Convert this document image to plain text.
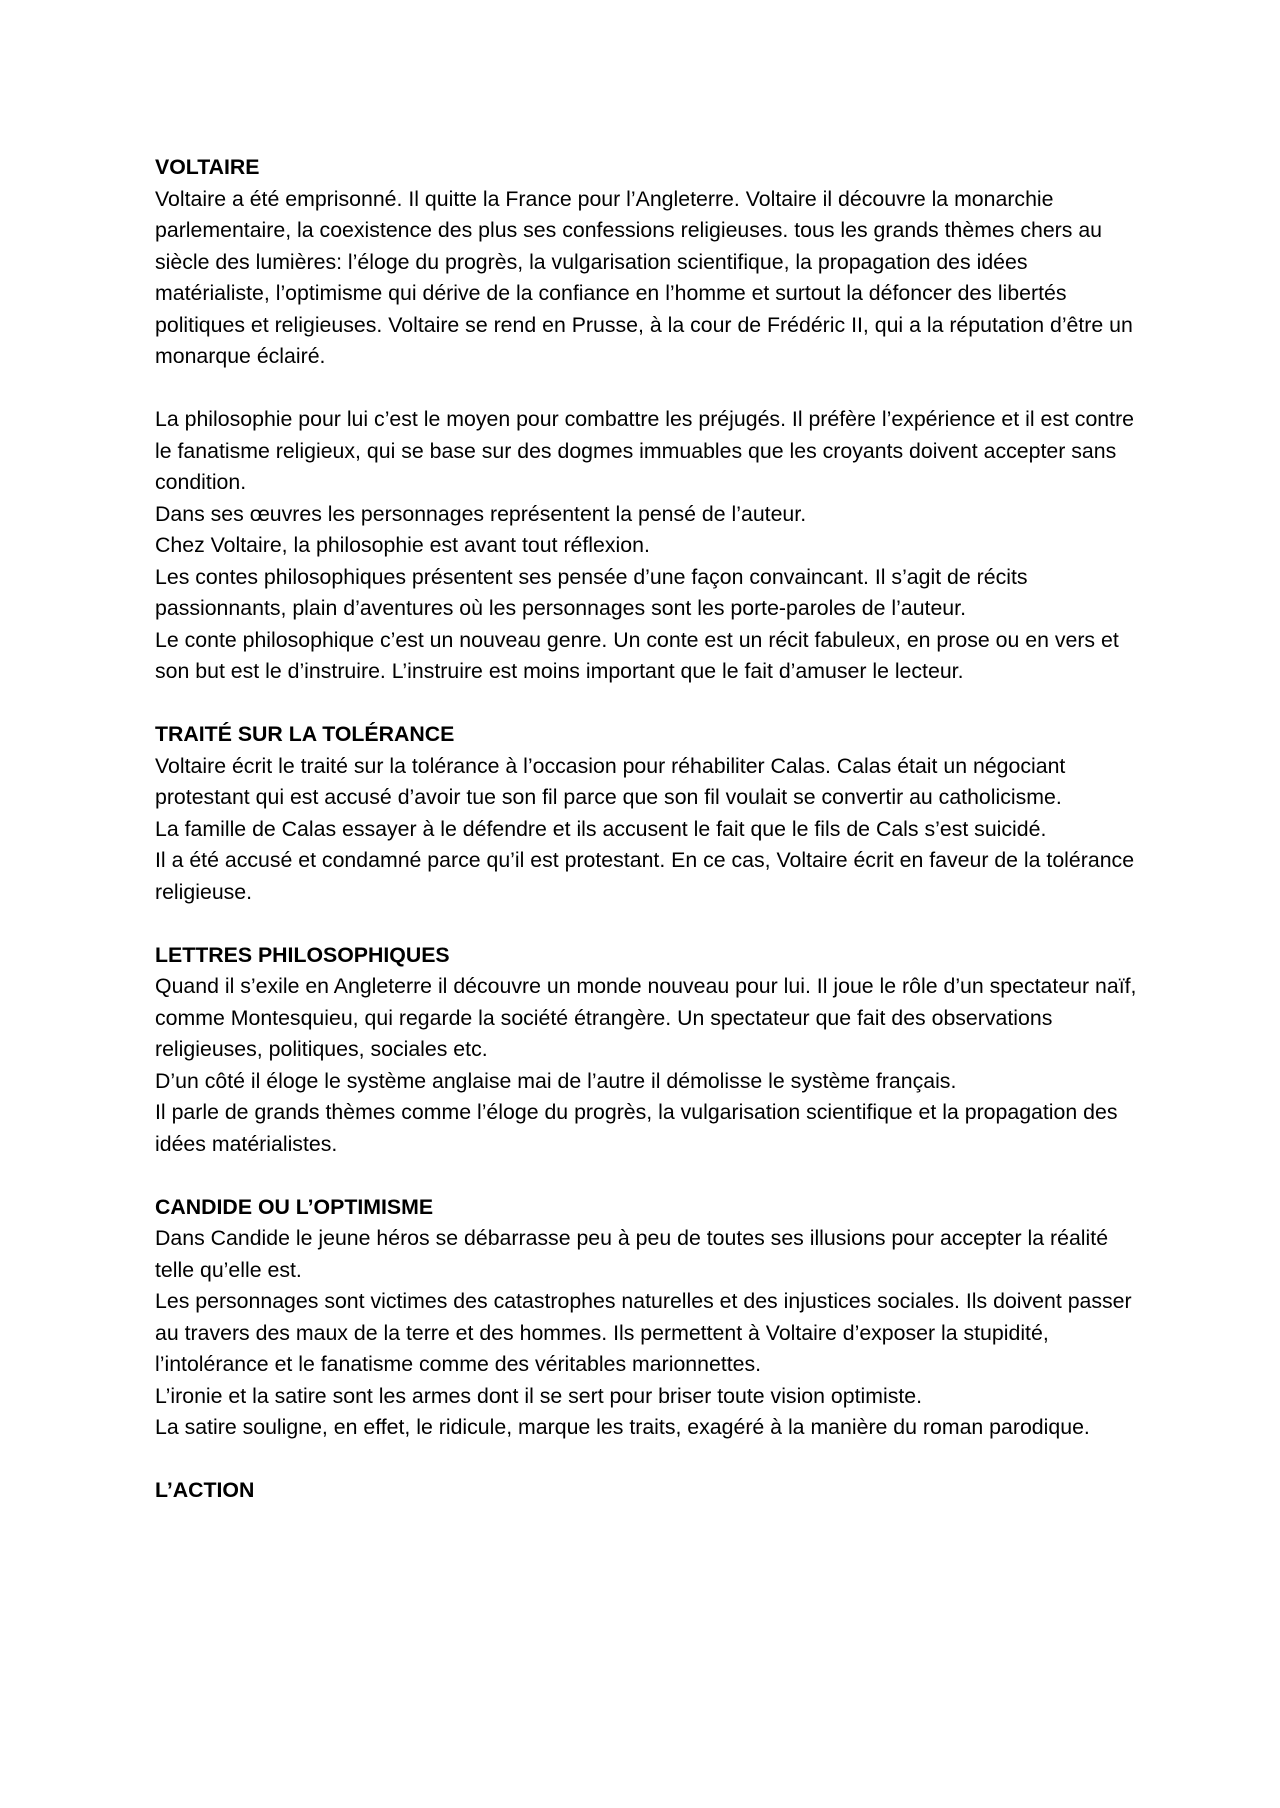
VOLTAIRE

Voltaire a été emprisonné. Il quitte la France pour l’Angleterre. Voltaire il découvre la monarchie parlementaire, la coexistence des plus ses confessions religieuses. tous les grands thèmes chers au siècle des lumières: l’éloge du progrès, la vulgarisation scientifique, la propagation des idées matérialiste, l’optimisme qui dérive de la confiance en l’homme et surtout la défoncer des libertés politiques et religieuses. Voltaire se rend en Prusse, à la cour de Frédéric II, qui a la réputation d’être un monarque éclairé.

La philosophie pour lui c’est le moyen pour combattre les préjugés. Il préfère l’expérience et il est contre le fanatisme religieux, qui se base sur des dogmes immuables que les croyants doivent accepter sans condition.

Dans ses œuvres les personnages représentent la pensé de l’auteur.

Chez Voltaire, la philosophie est avant tout réflexion.

Les contes philosophiques présentent ses pensée d’une façon convaincant. Il s’agit de récits passionnants, plain d’aventures où les personnages sont les porte-paroles de l’auteur.

Le conte philosophique c’est un nouveau genre. Un conte est un récit fabuleux, en prose ou en vers et son but est le d’instruire. L’instruire est moins important que le fait d’amuser le lecteur.

TRAITÉ SUR LA TOLÉRANCE

Voltaire écrit le traité sur la tolérance à l’occasion pour réhabiliter Calas. Calas était un négociant protestant qui est accusé d’avoir tue son fil parce que son fil voulait se convertir au catholicisme.

La famille de Calas essayer à le défendre et ils accusent le fait que le fils de Cals s’est suicidé.

Il a été accusé et condamné parce qu’il est protestant. En ce cas, Voltaire écrit en faveur de la tolérance religieuse.

LETTRES PHILOSOPHIQUES

Quand il s’exile en Angleterre il découvre un monde nouveau pour lui. Il joue le rôle d’un spectateur naïf, comme Montesquieu, qui regarde la société étrangère. Un spectateur que fait des observations religieuses, politiques, sociales etc.

D’un côté il éloge le système anglaise mai de l’autre il démolisse le système français.

Il parle de grands thèmes comme l’éloge du progrès, la vulgarisation scientifique et la propagation des idées matérialistes.

CANDIDE OU L’OPTIMISME

Dans Candide le jeune héros se débarrasse peu à peu de toutes ses illusions pour accepter la réalité telle qu’elle est.

Les personnages sont victimes des catastrophes naturelles et des injustices sociales. Ils doivent passer au travers des maux de la terre et des hommes. Ils permettent à Voltaire d’exposer la stupidité, l’intolérance et le fanatisme comme des véritables marionnettes.

L’ironie et la satire sont les armes dont il se sert pour briser toute vision optimiste.

La satire souligne, en effet, le ridicule, marque les traits, exagéré à la manière du roman parodique.

L’ACTION
